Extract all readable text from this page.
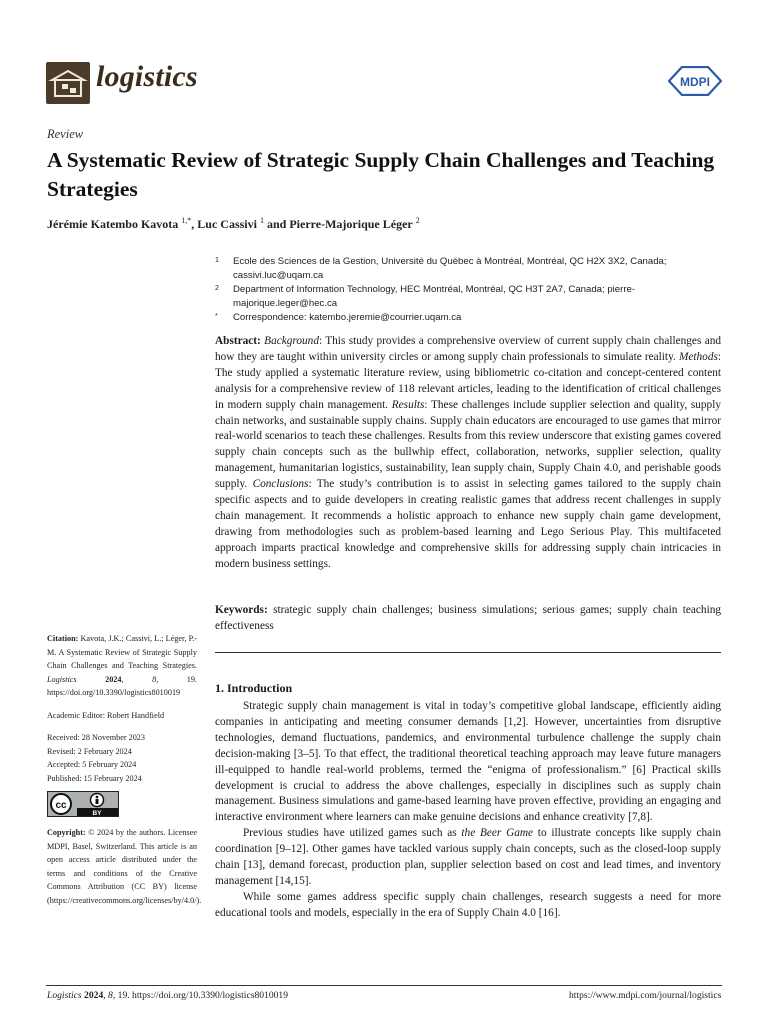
logistics	MDPI
Review
A Systematic Review of Strategic Supply Chain Challenges and Teaching Strategies
Jérémie Katembo Kavota $^{1,*}$, Luc Cassivi $^1$ and Pierre-Majorique Léger $^2$
1 Ecole des Sciences de la Gestion, Université du Québec à Montréal, Montréal, QC H2X 3X2, Canada; cassivi.luc@uqam.ca
2 Department of Information Technology, HEC Montréal, Montréal, QC H3T 2A7, Canada; pierre-majorique.leger@hec.ca
* Correspondence: katembo.jeremie@courrier.uqam.ca
Abstract: Background: This study provides a comprehensive overview of current supply chain challenges and how they are taught within university circles or among supply chain professionals to simulate reality. Methods: The study applied a systematic literature review, using bibliometric co-citation and concept-centered content analysis for a comprehensive review of 118 relevant articles, leading to the identification of critical challenges in modern supply chain management. Results: These challenges include supplier selection and quality, supply chain networks, and sustainable supply chains. Supply chain educators are encouraged to use games that mirror real-world scenarios to teach these challenges. Results from this review underscore that existing games covered supply chain concepts such as the bullwhip effect, collaboration, networks, supplier selection, quality management, humanitarian logistics, sustainability, lean supply chain, Supply Chain 4.0, and perishable goods supply. Conclusions: The study’s contribution is to assist in selecting games tailored to the supply chain specific aspects and to guide developers in creating realistic games that address recent challenges in supply chain management. It recommends a holistic approach to enhance new supply chain game development, drawing from methodologies such as problem-based learning and Lego Serious Play. This multifaceted approach imparts practical knowledge and comprehensive skills for addressing supply chain intricacies in modern business settings.
Keywords: strategic supply chain challenges; business simulations; serious games; supply chain teaching effectiveness
1. Introduction

Strategic supply chain management is vital in today’s competitive global landscape, efficiently aiding companies in anticipating and meeting consumer demands [1,2]. However, uncertainties from disruptive technologies, demand fluctuations, pandemics, and environmental turbulence challenge the supply chain decision-making [3–5]. To that effect, the traditional theoretical teaching approach may leave future managers ill-equipped to handle real-world problems, termed the “enigma of professionalism.” [6] Practical skills development is crucial to address the above challenges, especially in disciplines such as supply chain management. Business simulations and game-based learning have proven effective, providing an engaging and interactive environment where learners can make genuine decisions and enhance creativity [7,8].

Previous studies have utilized games such as the Beer Game to illustrate concepts like supply chain coordination [9–12]. Other games have tackled various supply chain concepts, such as the closed-loop supply chain [13], demand forecast, production plan, supplier selection based on cost and lead times, and inventory management [14,15].

While some games address specific supply chain challenges, research suggests a need for more educational tools and models, especially in the era of Supply Chain 4.0 [16].

Citation: Kavota, J.K.; Cassivi, L.; Léger, P.-M. A Systematic Review of Strategic Supply Chain Challenges and Teaching Strategies. Logistics 2024, 8, 19. https://doi.org/10.3390/logistics8010019

Academic Editor: Robert Handfield

Received: 28 November 2023

Revised: 2 February 2024

Accepted: 5 February 2024

Published: 15 February 2024

cc
BY

Copyright: © 2024 by the authors. Licensee MDPI, Basel, Switzerland. This article is an open access article distributed under the terms and conditions of the Creative Commons Attribution (CC BY) license (https://creativecommons.org/licenses/by/4.0/).

Logistics 2024, 8, 19. https://doi.org/10.3390/logistics8010019	https://www.mdpi.com/journal/logistics
